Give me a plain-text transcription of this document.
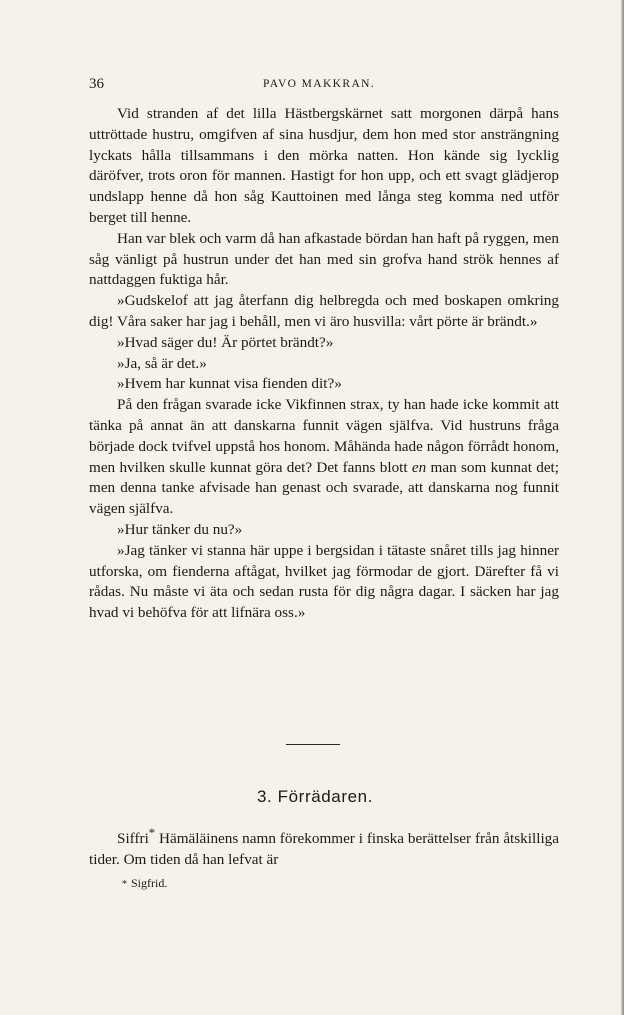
36	PAVO MAKKRAN.

Vid stranden af det lilla Hästbergskärnet satt morgonen därpå hans uttröttade hustru, omgifven af sina husdjur, dem hon med stor ansträngning lyckats hålla tillsammans i den mörka natten. Hon kände sig lycklig däröfver, trots oron för mannen. Hastigt for hon upp, och ett svagt glädjerop undslapp henne då hon såg Kauttoinen med långa steg komma ned utför berget till henne.

Han var blek och varm då han afkastade bördan han haft på ryggen, men såg vänligt på hustrun under det han med sin grofva hand strök hennes af nattdaggen fuktiga hår.

»Gudskelof att jag återfann dig helbregda och med boskapen omkring dig! Våra saker har jag i behåll, men vi äro husvilla: vårt pörte är brändt.»

»Hvad säger du! Är pörtet brändt?»

»Ja, så är det.»

»Hvem har kunnat visa fienden dit?»

På den frågan svarade icke Vikfinnen strax, ty han hade icke kommit att tänka på annat än att danskarna funnit vägen själfva. Vid hustruns fråga började dock tvifvel uppstå hos honom. Måhända hade någon förrådt honom, men hvilken skulle kunnat göra det? Det fanns blott en man som kunnat det; men denna tanke afvisade han genast och svarade, att danskarna nog funnit vägen själfva.

»Hur tänker du nu?»

»Jag tänker vi stanna här uppe i bergsidan i tätaste snåret tills jag hinner utforska, om fienderna aftågat, hvilket jag förmodar de gjort. Därefter få vi rådas. Nu måste vi äta och sedan rusta för dig några dagar. I säcken har jag hvad vi behöfva för att lifnära oss.»

3. Förrädaren.

Siffri* Hämäläinens namn förekommer i finska berättelser från åtskilliga tider. Om tiden då han lefvat är

* Sigfrid.
